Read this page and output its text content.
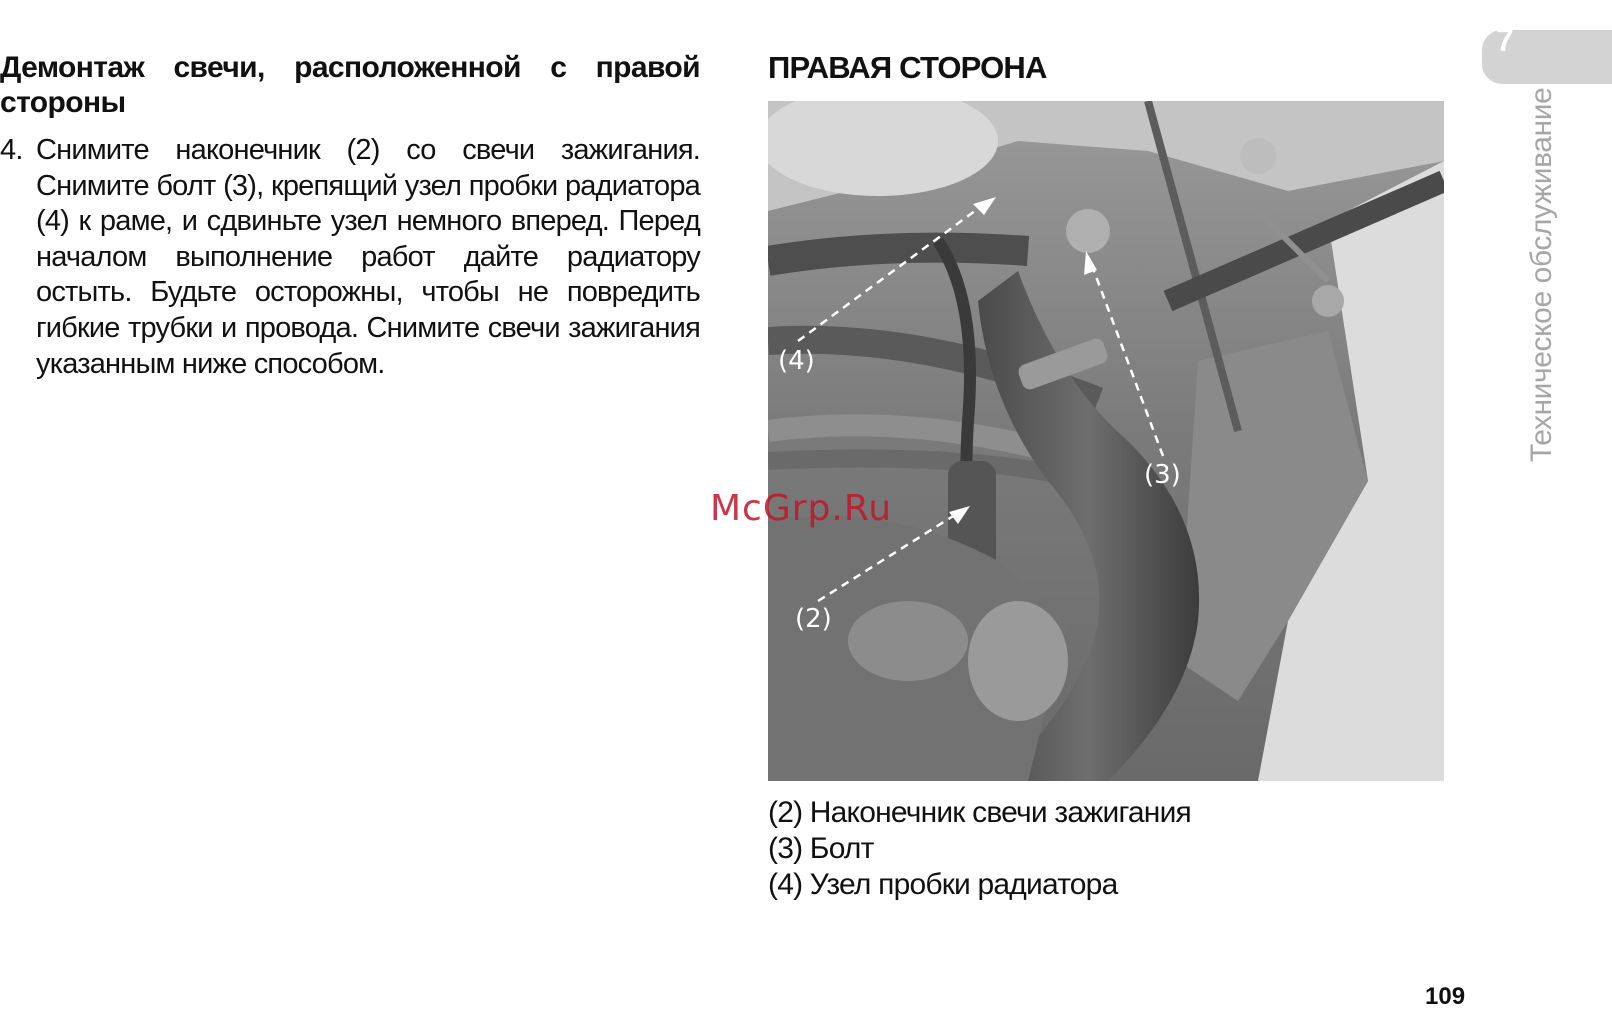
Демонтаж свечи, расположенной с правой стороны
4. Снимите наконечник (2) со свечи зажигания. Снимите болт (3), крепящий узел пробки радиатора (4) к раме, и сдвиньте узел немного вперед. Перед началом выполнение работ дайте радиатору остыть. Будьте осторожны, чтобы не повредить гибкие трубки и провода. Снимите свечи зажигания указанным ниже способом.
ПРАВАЯ СТОРОНА
(4)
(3)
(2)
(2) Наконечник свечи зажигания
(3) Болт
(4) Узел пробки радиатора
7
Техническое обслуживание
109
McGrp.Ru
